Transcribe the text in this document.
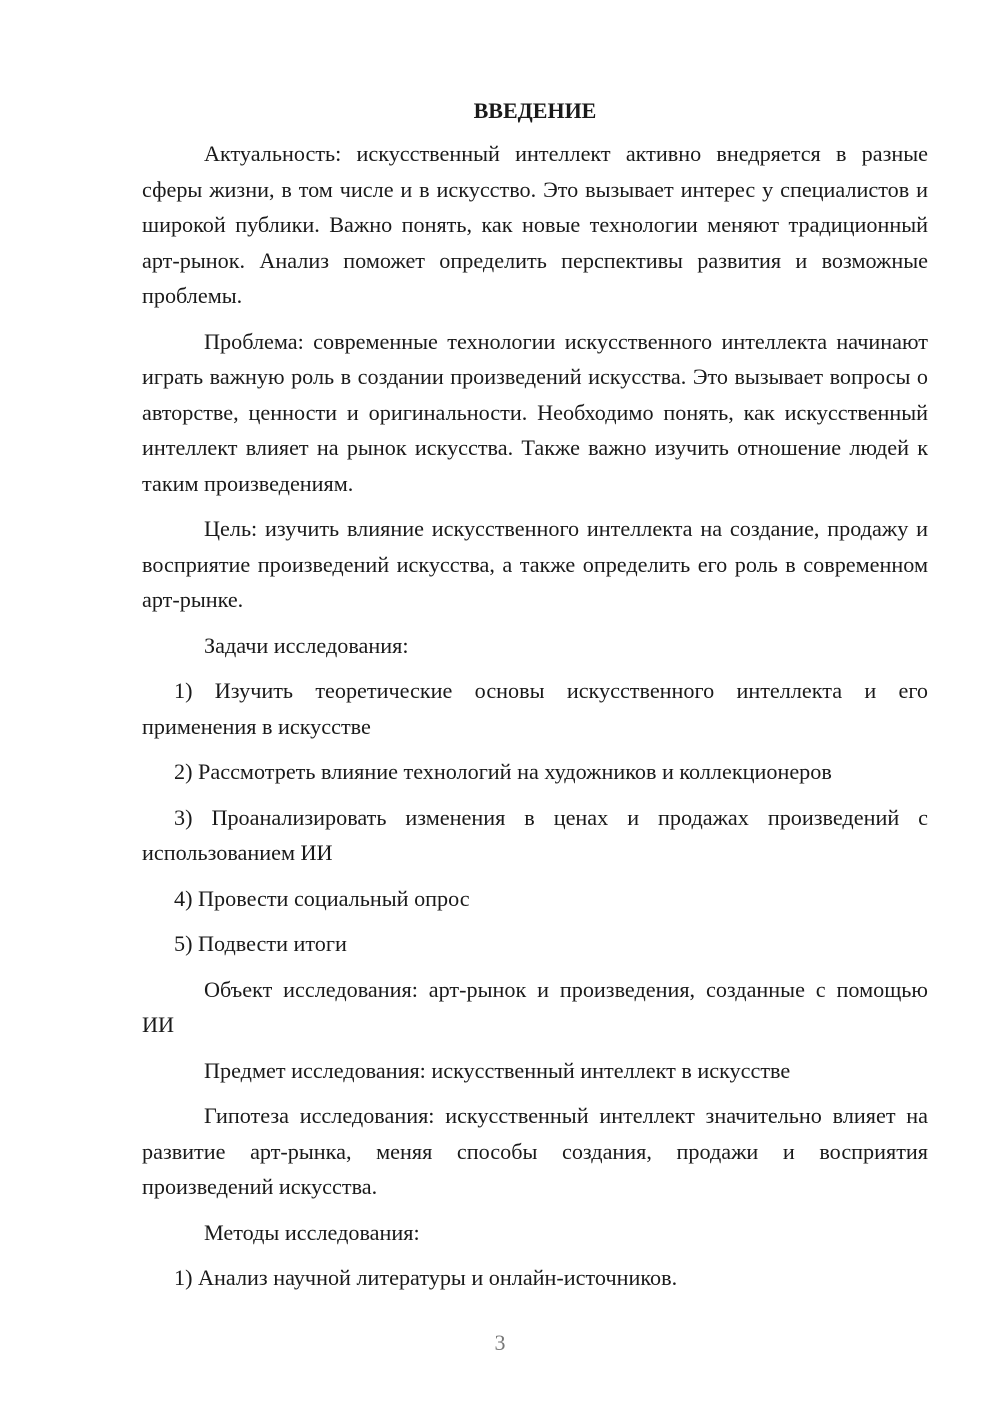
ВВЕДЕНИЕ

Актуальность: искусственный интеллект активно внедряется в разные сферы жизни, в том числе и в искусство. Это вызывает интерес у специалистов и широкой публики. Важно понять, как новые технологии меняют традиционный арт-рынок. Анализ поможет определить перспективы развития и возможные проблемы.

Проблема: современные технологии искусственного интеллекта начинают играть важную роль в создании произведений искусства. Это вызывает вопросы о авторстве, ценности и оригинальности. Необходимо понять, как искусственный интеллект влияет на рынок искусства. Также важно изучить отношение людей к таким произведениям.

Цель: изучить влияние искусственного интеллекта на создание, продажу и восприятие произведений искусства, а также определить его роль в современном арт-рынке.

Задачи исследования:

1) Изучить теоретические основы искусственного интеллекта и его применения в искусстве

2) Рассмотреть влияние технологий на художников и коллекционеров

3) Проанализировать изменения в ценах и продажах произведений с использованием ИИ

4) Провести социальный опрос

5) Подвести итоги

Объект исследования: арт-рынок и произведения, созданные с помощью ИИ

Предмет исследования: искусственный интеллект в искусстве

Гипотеза исследования: искусственный интеллект значительно влияет на развитие арт-рынка, меняя способы создания, продажи и восприятия произведений искусства.

Методы исследования:

1) Анализ научной литературы и онлайн-источников.

3
